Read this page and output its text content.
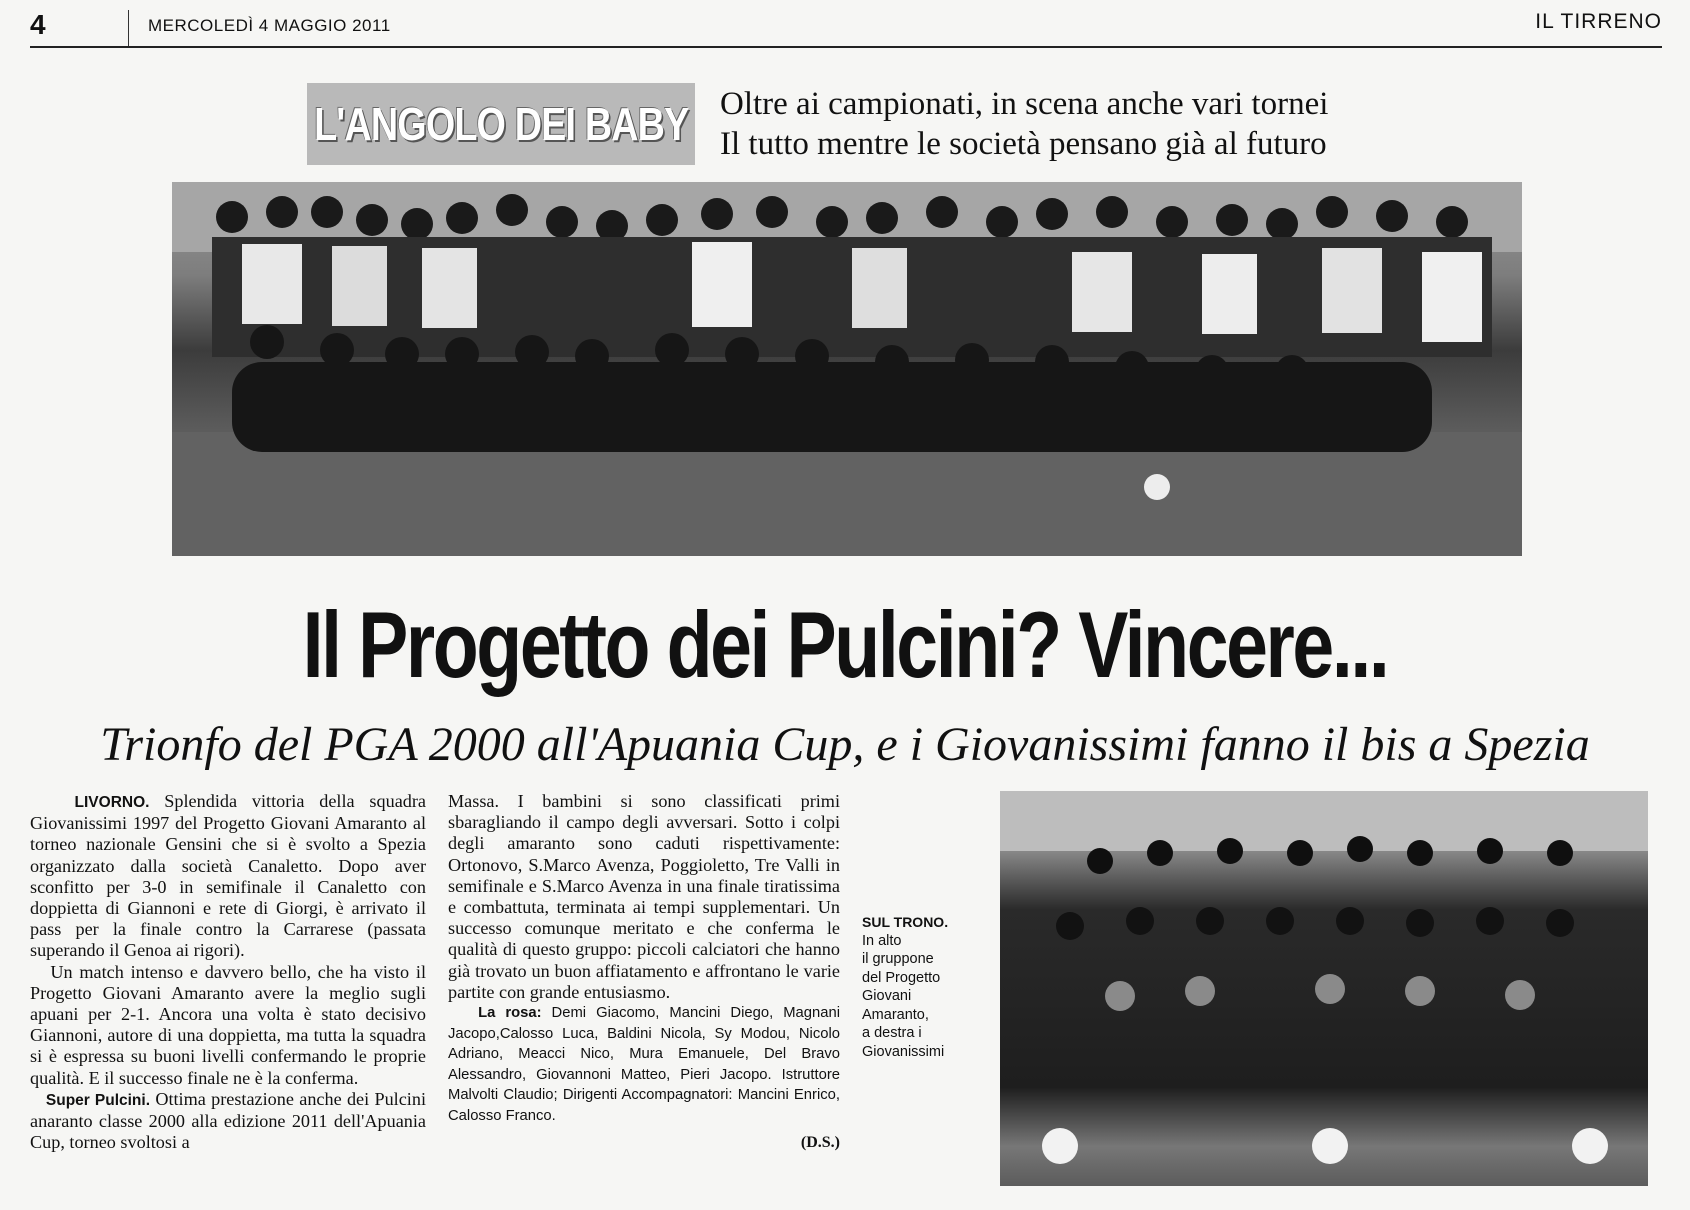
4	MERCOLEDÌ 4 MAGGIO 2011	IL TIRRENO
L'ANGOLO DEI BABY Oltre ai campionati, in scena anche vari tornei
Il tutto mentre le società pensano già al futuro
Il Progetto dei Pulcini? Vincere...
Trionfo del PGA 2000 all'Apuania Cup, e i Giovanissimi fanno il bis a Spezia

LIVORNO. Splendida vittoria della squadra Giovanissimi 1997 del Progetto Giovani Amaranto al torneo nazionale Gensini che si è svolto a Spezia organizzato dalla società Canaletto. Dopo aver sconfitto per 3-0 in semifinale il Canaletto con doppietta di Giannoni e rete di Giorgi, è arrivato il pass per la finale contro la Carrarese (passata superando il Genoa ai rigori).

Un match intenso e davvero bello, che ha visto il Progetto Giovani Amaranto avere la meglio sugli apuani per 2-1. Ancora una volta è stato decisivo Giannoni, autore di una doppietta, ma tutta la squadra si è espressa su buoni livelli confermando le proprie qualità. E il successo finale ne è la conferma.

Super Pulcini. Ottima prestazione anche dei Pulcini anaranto classe 2000 alla edizione 2011 dell'Apuania Cup, torneo svoltosi a

Massa. I bambini si sono classificati primi sbaragliando il campo degli avversari. Sotto i colpi degli amaranto sono caduti rispettivamente: Ortonovo, S.Marco Avenza, Poggioletto, Tre Valli in semifinale e S.Marco Avenza in una finale tiratissima e combattuta, terminata ai tempi supplementari. Un successo comunque meritato e che conferma le qualità di questo gruppo: piccoli calciatori che hanno già trovato un buon affiatamento e affrontano le varie partite con grande entusiasmo.

La rosa: Demi Giacomo, Mancini Diego, Magnani Jacopo,Calosso Luca, Baldini Nicola, Sy Modou, Nicolo Adriano, Meacci Nico, Mura Emanuele, Del Bravo Alessandro, Giovannoni Matteo, Pieri Jacopo. Istruttore Malvolti Claudio; Dirigenti Accompagnatori: Mancini Enrico, Calosso Franco.

(D.S.)
SUL TRONO.
In alto
il gruppone
del Progetto
Giovani
Amaranto,
a destra i
Giovanissimi
